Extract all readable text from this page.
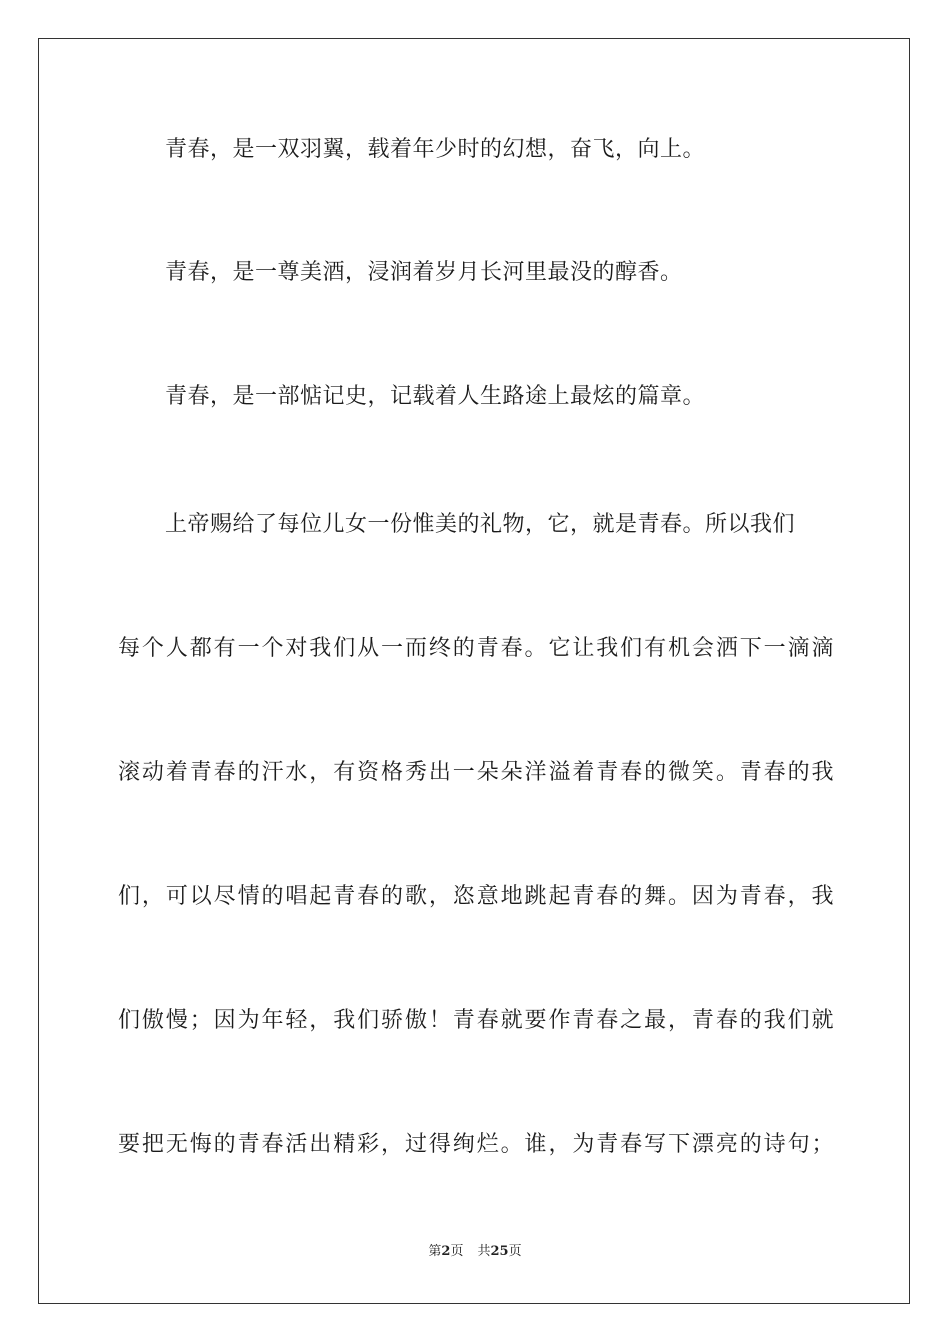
青春，是一双羽翼，载着年少时的幻想，奋飞，向上。
青春，是一尊美酒，浸润着岁月长河里最没的醇香。
青春，是一部惦记史，记载着人生路途上最炫的篇章。
上帝赐给了每位儿女一份惟美的礼物，它，就是青春。所以我们
每个人都有一个对我们从一而终的青春。它让我们有机会洒下一滴滴
滚动着青春的汗水，有资格秀出一朵朵洋溢着青春的微笑。青春的我
们，可以尽情的唱起青春的歌，恣意地跳起青春的舞。因为青春，我
们傲慢；因为年轻，我们骄傲！青春就要作青春之最，青春的我们就
要把无悔的青春活出精彩，过得绚烂。谁，为青春写下漂亮的诗句；
第2页 共25页
